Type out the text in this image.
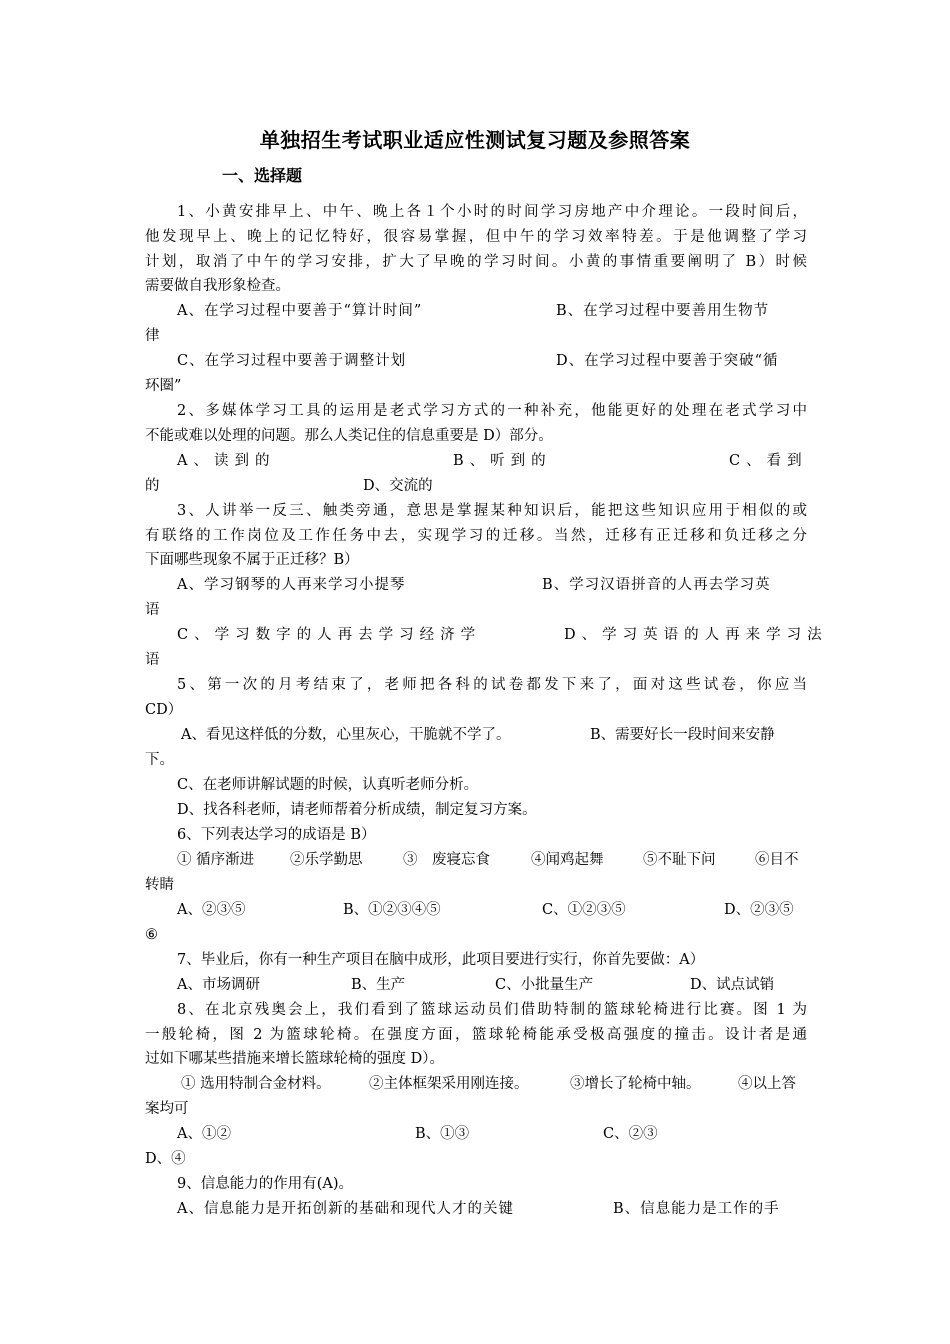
单独招生考试职业适应性测试复习题及参照答案
一、选择题
1、小黄安排早上、中午、晚上各１个小时的时间学习房地产中介理论。一段时间后，
他发现早上、晚上的记忆特好，很容易掌握，但中午的学习效率特差。于是他调整了学习
计划，取消了中午的学习安排，扩大了早晚的学习时间。小黄的事情重要阐明了 B）时候
需要做自我形象检查。
A、在学习过程中要善于“算计时间”	B、在学习过程中要善用生物节
律
C、在学习过程中要善于调整计划	D、在学习过程中要善于突破“循
环圈”
2、多媒体学习工具的运用是老式学习方式的一种补充，他能更好的处理在老式学习中
不能或难以处理的问题。那么人类记住的信息重要是 D）部分。
A、读到的	B、听到的	C、看到
的	D、交流的
3、人讲举一反三、触类旁通，意思是掌握某种知识后，能把这些知识应用于相似的或
有联络的工作岗位及工作任务中去，实现学习的迁移。当然，迁移有正迁移和负迁移之分
下面哪些现象不属于正迁移？B）
A、学习钢琴的人再来学习小提琴	B、学习汉语拼音的人再去学习英
语
C、学习数字的人再去学习经济学	D、学习英语的人再来学习法
语
5、第一次的月考结束了，老师把各科的试卷都发下来了，面对这些试卷，你应当
CD）
A、看见这样低的分数，心里灰心，干脆就不学了。	B、需要好长一段时间来安静
下。
C、在老师讲解试题的时候，认真听老师分析。
D、找各科老师，请老师帮着分析成绩，制定复习方案。
6、下列表达学习的成语是 B）
① 循序渐进 ②乐学勤思	③　废寝忘食	④闻鸡起舞	⑤不耻下问	⑥目不
转睛
A、②③⑤	B、①②③④⑤	C、①②③⑤	D、②③⑤
⑥
7、毕业后，你有一种生产项目在脑中成形，此项目要进行实行，你首先要做：A）
A、市场调研	B、生产	C、小批量生产	D、试点试销
8、在北京残奥会上，我们看到了篮球运动员们借助特制的篮球轮椅进行比赛。图 1 为
一般轮椅，图 2 为篮球轮椅。在强度方面，篮球轮椅能承受极高强度的撞击。设计者是通
过如下哪某些措施来增长篮球轮椅的强度 D）。
① 选用特制合金材料。	②主体框架采用刚连接。	③增长了轮椅中轴。	④以上答
案均可
A、①②	B、①③	C、②③
D、④
9、信息能力的作用有(A)。
A、信息能力是开拓创新的基础和现代人才的关键	B、信息能力是工作的手
